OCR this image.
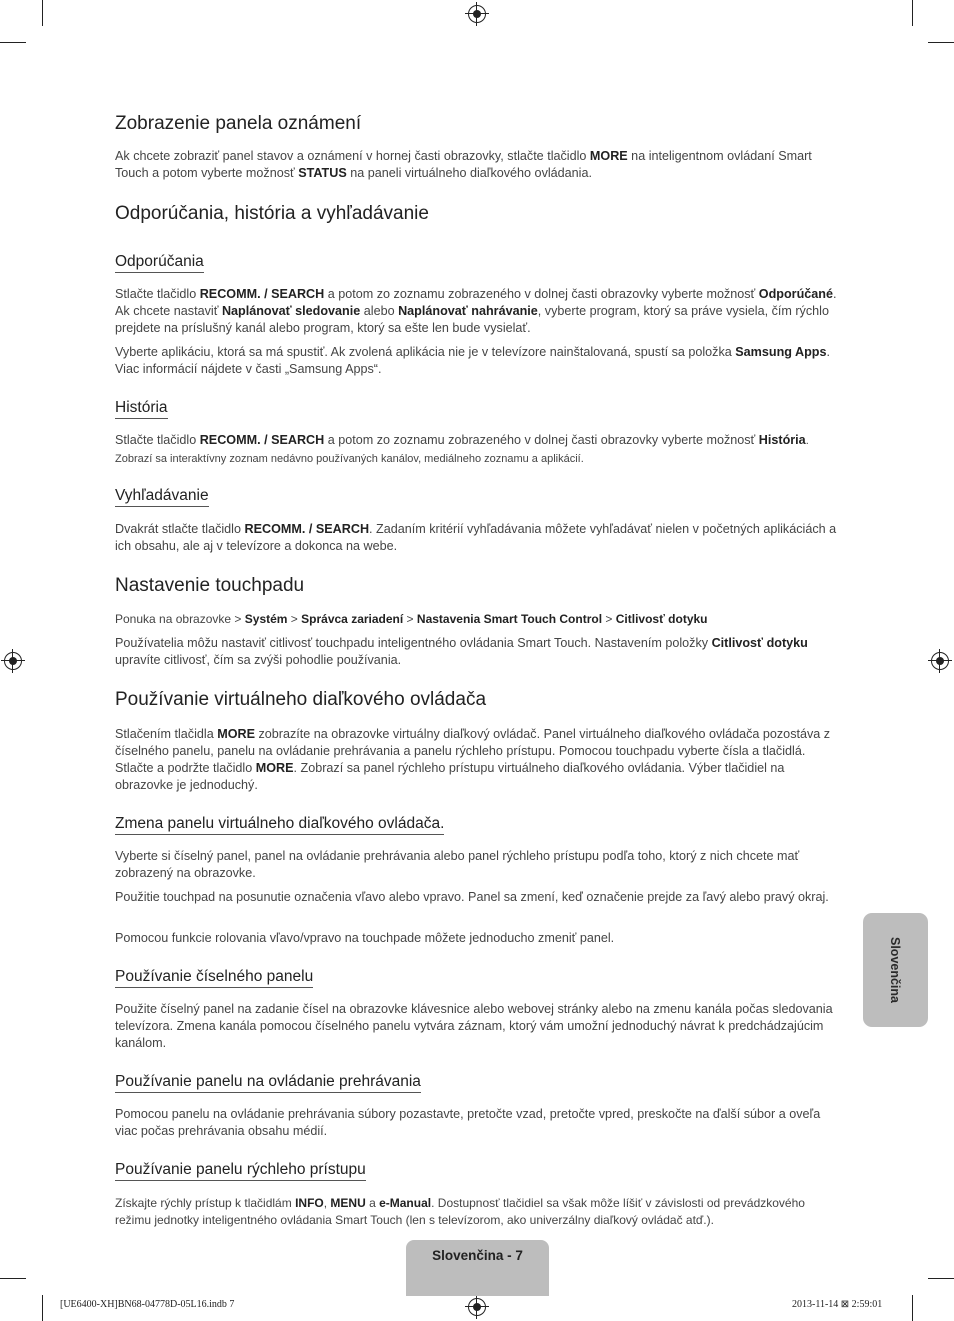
Zobrazenie panela oznámení

Ak chcete zobraziť panel stavov a oznámení v hornej časti obrazovky, stlačte tlačidlo MORE na inteligentnom ovládaní Smart Touch a potom vyberte možnosť STATUS na paneli virtuálneho diaľkového ovládania.

Odporúčania, história a vyhľadávanie
Odporúčania

Stlačte tlačidlo RECOMM. / SEARCH a potom zo zoznamu zobrazeného v dolnej časti obrazovky vyberte možnosť Odporúčané. Ak chcete nastaviť Naplánovať sledovanie alebo Naplánovať nahrávanie, vyberte program, ktorý sa práve vysiela, čím rýchlo prejdete na príslušný kanál alebo program, ktorý sa ešte len bude vysielať.

Vyberte aplikáciu, ktorá sa má spustiť. Ak zvolená aplikácia nie je v televízore nainštalovaná, spustí sa položka Samsung Apps. Viac informácií nájdete v časti „Samsung Apps“.

História

Stlačte tlačidlo RECOMM. / SEARCH a potom zo zoznamu zobrazeného v dolnej časti obrazovky vyberte možnosť História. Zobrazí sa interaktívny zoznam nedávno používaných kanálov, mediálneho zoznamu a aplikácií.

Vyhľadávanie

Dvakrát stlačte tlačidlo RECOMM. / SEARCH. Zadaním kritérií vyhľadávania môžete vyhľadávať nielen v početných aplikáciách a ich obsahu, ale aj v televízore a dokonca na webe.

Nastavenie touchpadu

Ponuka na obrazovke > Systém > Správca zariadení > Nastavenia Smart Touch Control > Citlivosť dotyku

Používatelia môžu nastaviť citlivosť touchpadu inteligentného ovládania Smart Touch. Nastavením položky Citlivosť dotyku upravíte citlivosť, čím sa zvýši pohodlie používania.

Používanie virtuálneho diaľkového ovládača

Stlačením tlačidla MORE zobrazíte na obrazovke virtuálny diaľkový ovládač. Panel virtuálneho diaľkového ovládača pozostáva z číselného panelu, panelu na ovládanie prehrávania a panelu rýchleho prístupu. Pomocou touchpadu vyberte čísla a tlačidlá. Stlačte a podržte tlačidlo MORE. Zobrazí sa panel rýchleho prístupu virtuálneho diaľkového ovládania. Výber tlačidiel na obrazovke je jednoduchý.

Zmena panelu virtuálneho diaľkového ovládača.

Vyberte si číselný panel, panel na ovládanie prehrávania alebo panel rýchleho prístupu podľa toho, ktorý z nich chcete mať zobrazený na obrazovke.

Použitie touchpad na posunutie označenia vľavo alebo vpravo. Panel sa zmení, keď označenie prejde za ľavý alebo pravý okraj.

Pomocou funkcie rolovania vľavo/vpravo na touchpade môžete jednoducho zmeniť panel.

Používanie číselného panelu

Použite číselný panel na zadanie čísel na obrazovke klávesnice alebo webovej stránky alebo na zmenu kanála počas sledovania televízora. Zmena kanála pomocou číselného panelu vytvára záznam, ktorý vám umožní jednoduchý návrat k predchádzajúcim kanálom.

Používanie panelu na ovládanie prehrávania

Pomocou panelu na ovládanie prehrávania súbory pozastavte, pretočte vzad, pretočte vpred, preskočte na ďalší súbor a oveľa viac počas prehrávania obsahu médií.

Používanie panelu rýchleho prístupu

Získajte rýchly prístup k tlačidlám INFO, MENU a e-Manual. Dostupnosť tlačidiel sa však môže líšiť v závislosti od prevádzkového režimu jednotky inteligentného ovládania Smart Touch (len s televízorom, ako univerzálny diaľkový ovládač atď.).

Slovenčina
Slovenčina - 7
[UE6400-XH]BN68-04778D-05L16.indb 7	2013-11-14 ⊠ 2:59:01
